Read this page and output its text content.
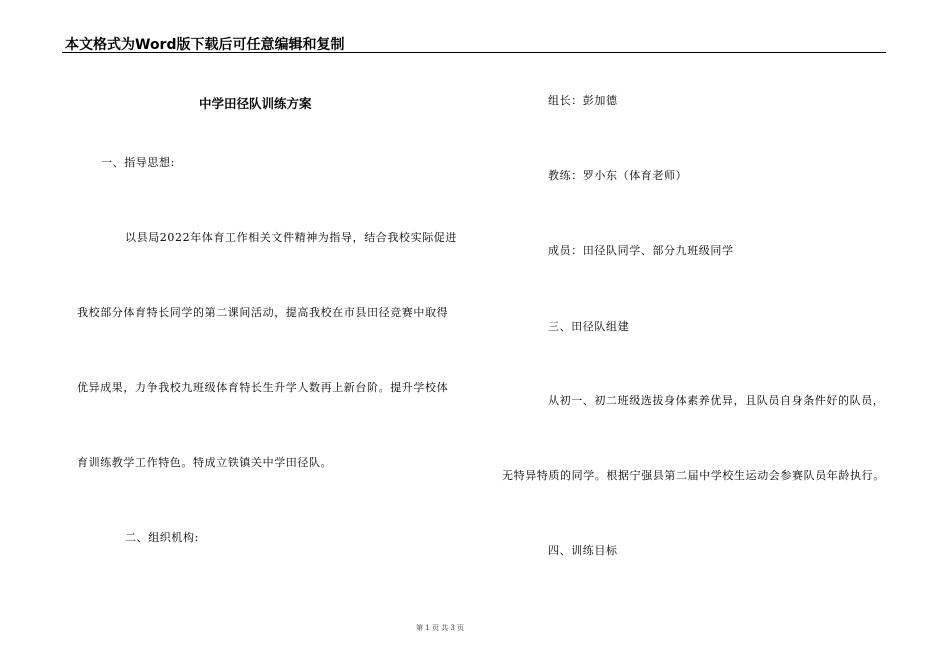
本文格式为Word版下载后可任意编辑和复制
中学田径队训练方案
一、指导思想:
以县局2022年体育工作相关文件精神为指导，结合我校实际促进
我校部分体育特长同学的第二课间活动，提高我校在市县田径竞赛中取得
优异成果，力争我校九班级体育特长生升学人数再上新台阶。提升学校体
育训练教学工作特色。特成立铁镇关中学田径队。
二、组织机构:
组长：彭加德
教练：罗小东（体育老师）
成员：田径队同学、部分九班级同学
三、田径队组建
从初一、初二班级选拔身体素养优异，且队员自身条件好的队员，
无特异特质的同学。根据宁强县第二届中学校生运动会参赛队员年龄执行。
四、训练目标
第 1 页 共 3 页
